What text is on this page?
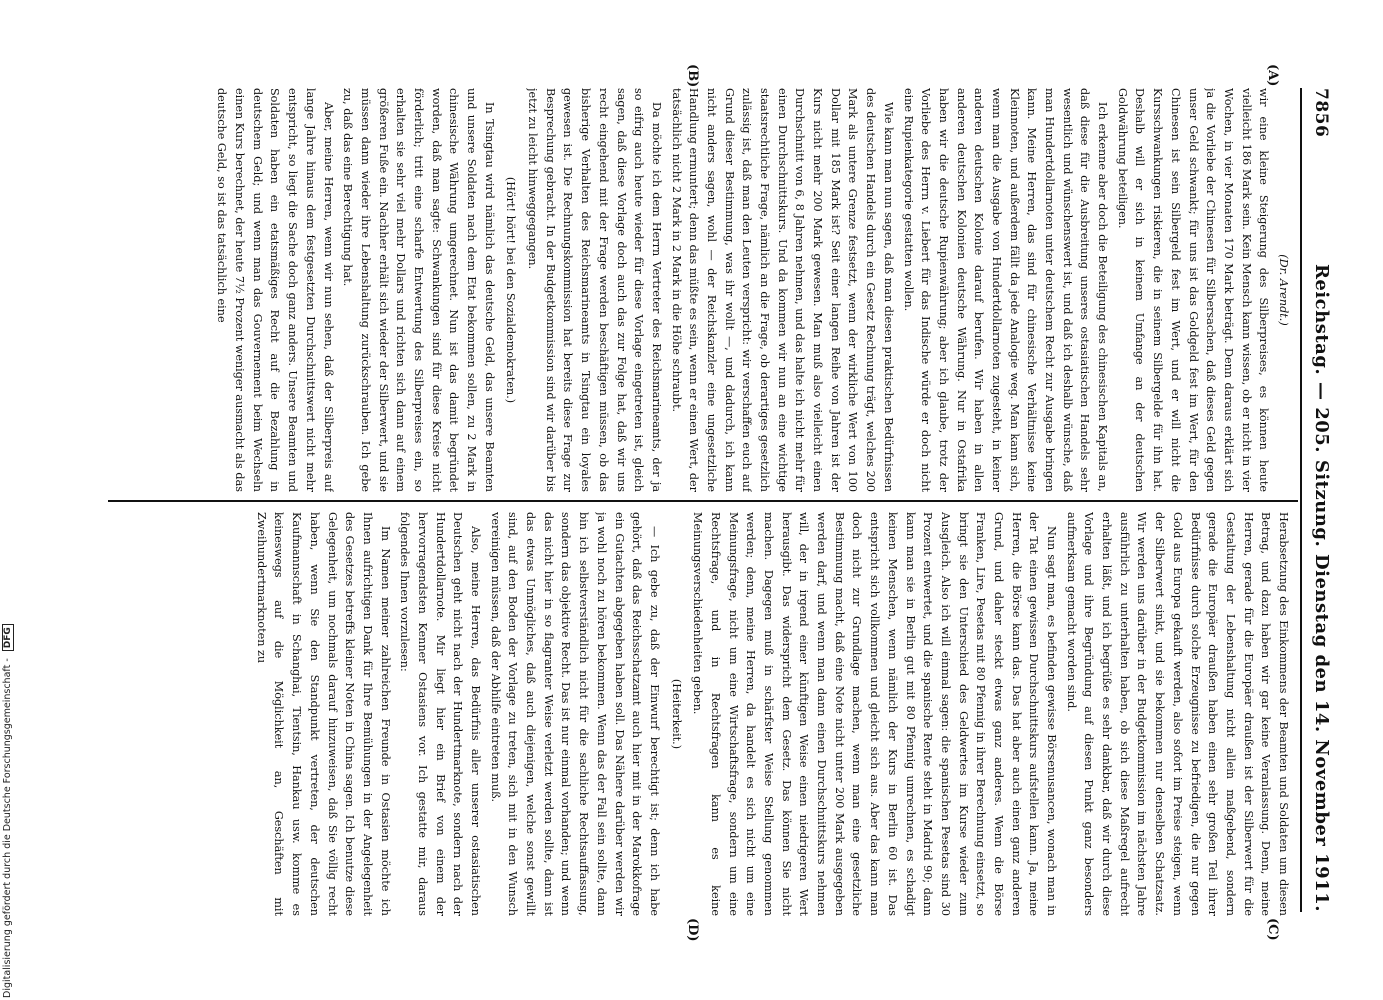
7856
Reichstag. — 205. Sitzung. Dienstag den 14. November 1911.
(A)
(B)
(C)
(D)

(Dr. Arendt.)

wir eine kleine Steigerung des Silberpreises, es können heute vielleicht 186 Mark sein. Kein Mensch kann wissen, ob er nicht in vier Wochen, in vier Monaten 170 Mark beträgt. Denn daraus erklärt sich ja die Vorliebe der Chinesen für Silbersachen, daß dieses Geld gegen unser Geld schwankt; für uns ist das Goldgeld fest im Wert, für den Chinesen ist sein Silbergeld fest im Wert, und er will nicht die Kursschwankungen riskieren, die in seinem Silbergelde für ihn hat. Deshalb will er sich in keinem Umfange an der deutschen Goldwährung beteiligen.

Ich erkenne aber doch die Beteiligung des chinesischen Kapitals an, daß diese für die Ausbreitung unseres ostasiatischen Handels sehr wesentlich und wünschenswert ist, und daß ich deshalb wünsche, daß man Hundertdollarnoten unter deutschem Recht zur Ausgabe bringen kann. Meine Herren, das sind für chinesische Verhältnisse keine Kleinnoten, und außerdem fällt da jede Analogie weg. Man kann sich, wenn man die Ausgabe von Hundertdollarnoten zugesteht, in keiner anderen deutschen Kolonie darauf berufen. Wir haben in allen anderen deutschen Kolonien deutsche Währung. Nur in Ostafrika haben wir die deutsche Rupienwährung; aber ich glaube, trotz der Vorliebe des Herrn v. Liebert für das Indische würde er doch nicht eine Rupienkategorie gestatten wollen.

Wie kann man nun sagen, daß man diesen praktischen Bedürfnissen des deutschen Handels durch ein Gesetz Rechnung trägt, welches 200 Mark als untere Grenze festsetzt, wenn der wirkliche Wert von 100 Dollar mit 185 Mark ist? Seit einer langen Reihe von Jahren ist der Kurs nicht mehr 200 Mark gewesen. Man muß also vielleicht einen Durchschnitt von 6, 8 Jahren nehmen, und das halte ich nicht mehr für einen Durchschnittskurs. Und da kommen wir nun an eine wichtige staatsrechtliche Frage, nämlich an die Frage, ob derartiges gesetzlich zulässig ist, daß man den Leuten verspricht: wir verschaffen euch auf Grund dieser Bestimmung, was ihr wollt —, und dadurch, ich kann nicht anders sagen, wohl — der Reichskanzler eine ungesetzliche Handlung ermuntert; denn das müßte es sein, wenn er einen Wert, der tatsächlich nicht 2 Mark in 2 Mark in die Höhe schraubt.

Da möchte ich dem Herrn Vertreter des Reichsmarineamts, der ja so eifrig auch heute wieder für diese Vorlage eingetreten ist, gleich sagen, daß diese Vorlage doch auch das zur Folge hat, daß wir uns recht eingehend mit der Frage werden beschäftigen müssen, ob das bisherige Verhalten des Reichsmarineamts in Tsingtau ein loyales gewesen ist. Die Rechnungskommission hat bereits diese Frage zur Besprechung gebracht. In der Budgetkommission sind wir darüber bis jetzt zu leicht hinweggegangen.

(Hört! hört! bei den Sozialdemokraten.)

In Tsingtau wird nämlich das deutsche Geld, das unsere Beamten und unsere Soldaten nach dem Etat bekommen sollen, zu 2 Mark in chinesische Währung umgerechnet. Nun ist das damit begründet worden, daß man sagte: Schwankungen sind für diese Kreise nicht förderlich; tritt eine scharfe Entwertung des Silberpreises ein, so erhalten sie sehr viel mehr Dollars und richten sich dann auf einem größeren Fuße ein. Nachher erhält sich wieder der Silberwert, und sie müssen dann wieder ihre Lebenshaltung zurückschrauben. Ich gebe zu, daß das eine Berechtigung hat.

Aber, meine Herren, wenn wir nun sehen, daß der Silberpreis auf lange Jahre hinaus dem festgesetzten Durchschnittswert nicht mehr entspricht, so liegt die Sache doch ganz anders. Unsere Beamten und Soldaten haben ein etatsmäßiges Recht auf die Bezahlung in deutschem Geld; und wenn man das Gouvernement beim Wechseln einen Kurs berechnet, der heute 7½ Prozent weniger ausmacht als das deutsche Geld, so ist das tatsächlich eine

Herabsetzung des Einkommens der Beamten und Soldaten um diesen Betrag, und dazu haben wir gar keine Veranlassung. Denn, meine Herren, gerade für die Europäer draußen ist der Silberwert für die Gestaltung der Lebenshaltung nicht allein maßgebend, sondern gerade die Europäer draußen haben einen sehr großen Teil ihrer Bedürfnisse durch solche Erzeugnisse zu befriedigen, die nur gegen Gold aus Europa gekauft werden, also sofort im Preise steigen, wenn der Silberwert sinkt, und sie bekommen nur denselben Schatzsatz. Wir werden uns darüber in der Budgetkommission im nächsten Jahre ausführlich zu unterhalten haben, ob sich diese Maßregel aufrecht erhalten läßt, und ich begrüße es sehr dankbar, daß wir durch diese Vorlage und ihre Begründung auf diesen Punkt ganz besonders aufmerksam gemacht worden sind.

Nun sagt man, es befinden gewisse Börsenusancen, wonach man in der Tat einen gewissen Durchschnittskurs aufstellen kann. Ja, meine Herren, die Börse kann das. Das hat aber auch einen ganz anderen Grund, und daher steckt etwas ganz anderes. Wenn die Börse Franken, Lire, Pesetas mit 80 Pfennig in ihrer Berechnung einsetzt, so bringt sie den Unterschied des Geldwertes im Kurse wieder zum Ausgleich. Also ich will einmal sagen: die spanischen Pesetas sind 30 Prozent entwertet, und die spanische Rente steht in Madrid 90; dann kann man sie in Berlin gut mit 80 Pfennig umrechnen, es schadigt keinen Menschen, wenn nämlich der Kurs in Berlin 60 ist. Das entspricht sich vollkommen und gleicht sich aus. Aber das kann man doch nicht zur Grundlage machen, wenn man eine gesetzliche Bestimmung macht, daß eine Note nicht unter 200 Mark ausgegeben werden darf, und wenn man dann einen Durchschnittskurs nehmen will, der in irgend einer künftigen Weise einen niedrigeren Wert herausgibt. Das widerspricht dem Gesetz. Das können Sie nicht machen. Dagegen muß in schärfster Weise Stellung genommen werden; denn, meine Herren, da handelt es sich nicht um eine Meinungsfrage, nicht um eine Wirtschaftsfrage, sondern um eine Rechtsfrage, und in Rechtsfragen kann es keine Meinungsverschiedenheiten geben.

(Heiterkeit.)

— Ich gebe zu, daß der Einwurf berechtigt ist; denn ich habe gehört, daß das Reichsschatzamt auch hier mit in der Marokkofrage ein Gutachten abgegeben haben soll. Das Nähere darüber werden wir ja wohl noch zu hören bekommen. Wenn das der Fall sein sollte, dann bin ich selbstverständlich nicht für die sachliche Rechtsauffassung, sondern das objektive Recht. Das ist nur einmal vorhanden; und wenn das nicht hier in so flagranter Weise verletzt werden sollte, dann ist das etwas Unmögliches, daß auch diejenigen, welche sonst gewillt sind, auf den Boden der Vorlage zu treten, sich mit in den Wunsch vereinigen müssen, daß der Abhilfe eintreten muß.

Also, meine Herren, das Bedürfnis aller unserer ostasiatischen Deutschen geht nicht nach der Hundertmarknote, sondern nach der Hundertdollarnote. Mir liegt hier ein Brief von einem der hervorragendsten Kenner Ostasiens vor. Ich gestatte mir, daraus folgendes Ihnen vorzulesen:

Im Namen meiner zahlreichen Freunde in Ostasien möchte ich Ihnen aufrichtigen Dank für Ihre Bemühungen in der Angelegenheit des Gesetzes betreffs kleiner Noten in China sagen. Ich benutze diese Gelegenheit, um nochmals darauf hinzuweisen, daß Sie völlig recht haben, wenn Sie den Standpunkt vertreten, der deutschen Kaufmannschaft in Schanghai, Tientsin, Hankau usw. komme es keineswegs auf die Möglichkeit an, Geschäften mit Zweihundertmarknoten zu

Digitalisierung gefördert durch die Deutsche Forschungsgemeinschaft - DFG
